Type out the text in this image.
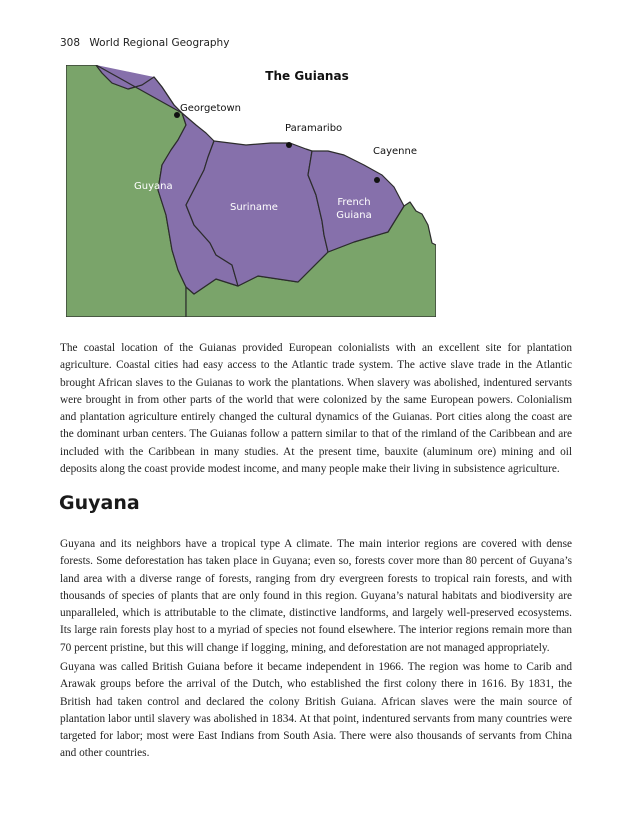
308 World Regional Geography
The Guianas
Georgetown
Paramaribo
Cayenne
Guyana
Suriname	French
Guiana

The coastal location of the Guianas provided European colonialists with an excellent site for plantation agriculture. Coastal cities had easy access to the Atlantic trade system. The active slave trade in the Atlantic brought African slaves to the Guianas to work the plantations. When slavery was abolished, indentured servants were brought in from other parts of the world that were colonized by the same European powers. Colonialism and plantation agriculture entirely changed the cultural dynamics of the Guianas. Port cities along the coast are the dominant urban centers. The Guianas follow a pattern similar to that of the rimland of the Caribbean and are included with the Caribbean in many studies. At the present time, bauxite (aluminum ore) mining and oil deposits along the coast provide modest income, and many people make their living in subsistence agriculture.

Guyana

Guyana and its neighbors have a tropical type A climate. The main interior regions are covered with dense forests. Some deforestation has taken place in Guyana; even so, forests cover more than 80 percent of Guyana’s land area with a diverse range of forests, ranging from dry evergreen forests to tropical rain forests, and with thousands of species of plants that are only found in this region. Guyana’s natural habitats and biodiversity are unparalleled, which is attributable to the climate, distinctive landforms, and largely well-preserved ecosystems. Its large rain forests play host to a myriad of species not found elsewhere. The interior regions remain more than 70 percent pristine, but this will change if logging, mining, and deforestation are not managed appropriately.

Guyana was called British Guiana before it became independent in 1966. The region was home to Carib and Arawak groups before the arrival of the Dutch, who established the first colony there in 1616. By 1831, the British had taken control and declared the colony British Guiana. African slaves were the main source of plantation labor until slavery was abolished in 1834. At that point, indentured servants from many countries were targeted for labor; most were East Indians from South Asia. There were also thousands of servants from China and other countries.
